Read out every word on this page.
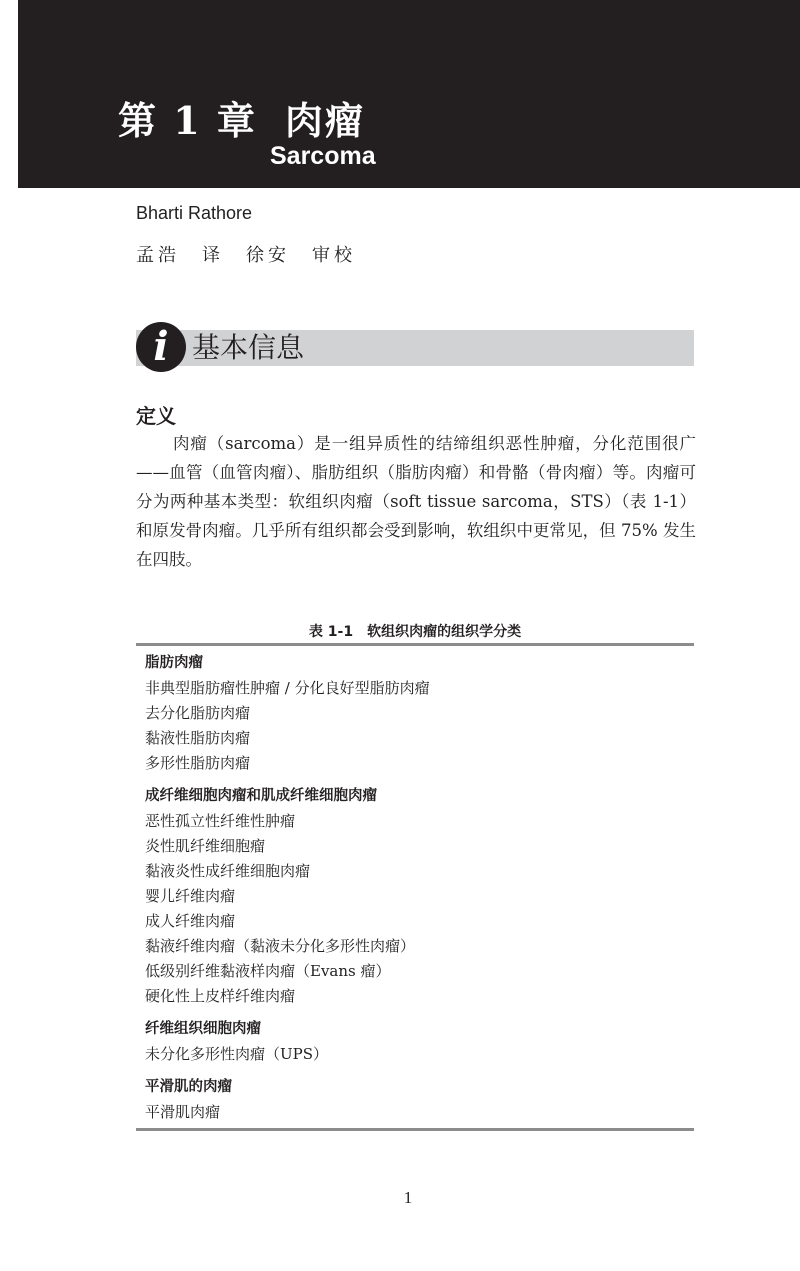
第 1 章 肉瘤
Sarcoma
Bharti Rathore
孟浩　译　徐安　审校
i 基本信息
定义

肉瘤（sarcoma）是一组异质性的结缔组织恶性肿瘤，分化范围很广——血管（血管肉瘤）、脂肪组织（脂肪肉瘤）和骨骼（骨肉瘤）等。肉瘤可分为两种基本类型：软组织肉瘤（soft tissue sarcoma，STS）（表 1-1）和原发骨肉瘤。几乎所有组织都会受到影响，软组织中更常见，但 75% 发生在四肢。

表 1-1　软组织肉瘤的组织学分类
脂肪肉瘤
非典型脂肪瘤性肿瘤 / 分化良好型脂肪肉瘤
去分化脂肪肉瘤
黏液性脂肪肉瘤
多形性脂肪肉瘤
成纤维细胞肉瘤和肌成纤维细胞肉瘤
恶性孤立性纤维性肿瘤
炎性肌纤维细胞瘤
黏液炎性成纤维细胞肉瘤
婴儿纤维肉瘤
成人纤维肉瘤
黏液纤维肉瘤（黏液未分化多形性肉瘤）
低级别纤维黏液样肉瘤（Evans 瘤）
硬化性上皮样纤维肉瘤
纤维组织细胞肉瘤
未分化多形性肉瘤（UPS）
平滑肌的肉瘤
平滑肌肉瘤
1
